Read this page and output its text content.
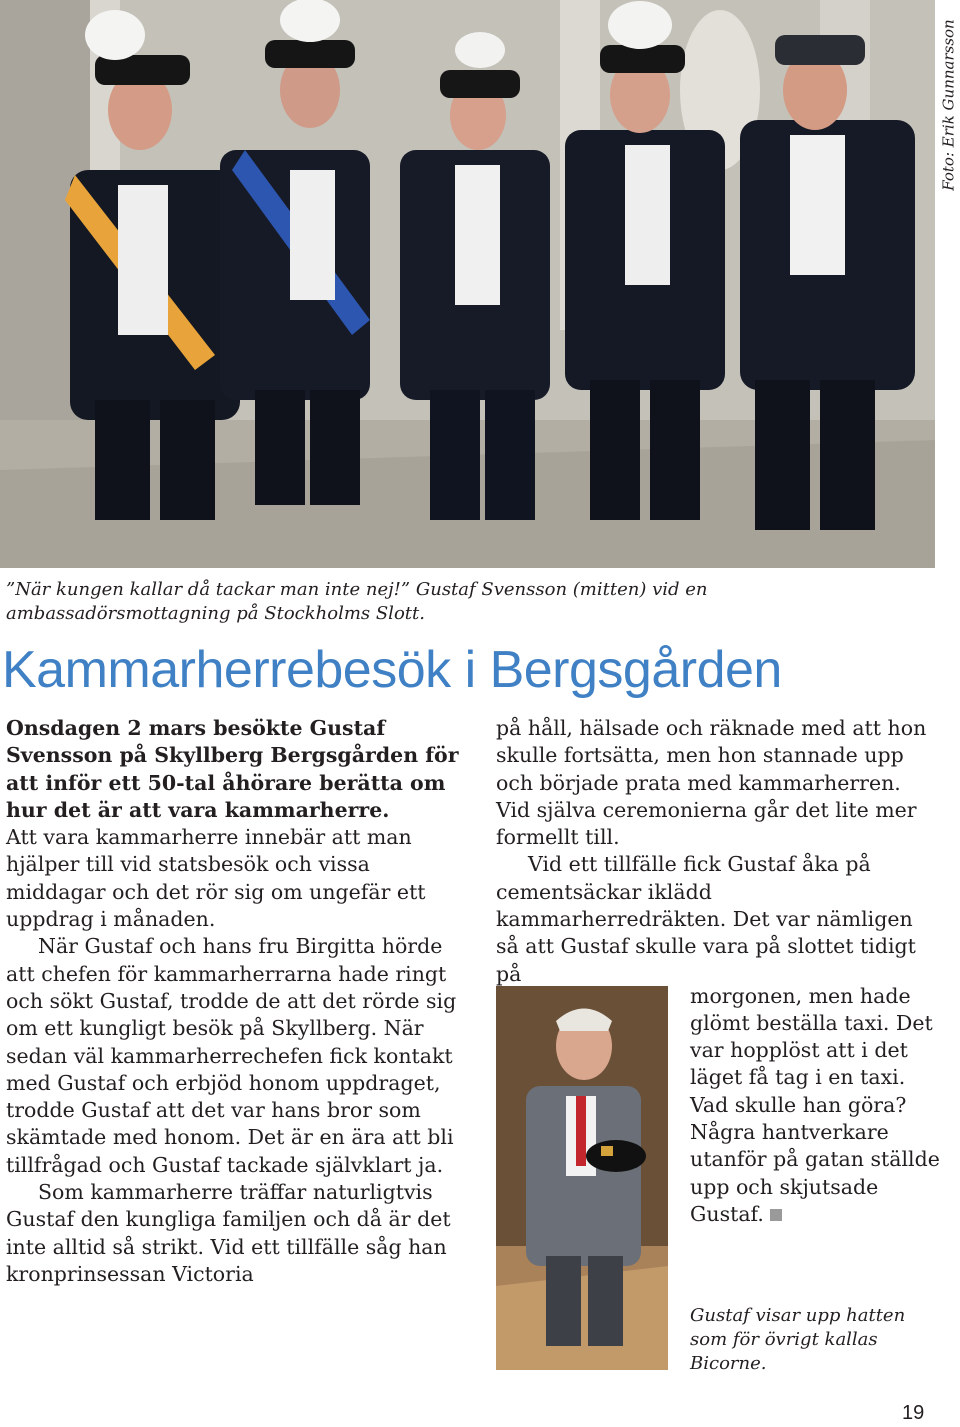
Foto: Erik Gunnarsson
”När kungen kallar då tackar man inte nej!” Gustaf Svensson (mitten) vid en ambassadörsmottagning på Stockholms Slott.
Kammarherrebesök i Bergsgården

Onsdagen 2 mars besökte Gustaf Svensson på Skyllberg Bergsgården för att inför ett 50-tal åhörare berätta om hur det är att vara kammarherre.

Att vara kammarherre innebär att man hjälper till vid statsbesök och vissa middagar och det rör sig om ungefär ett uppdrag i månaden.

När Gustaf och hans fru Birgitta hörde att chefen för kammarherrarna hade ringt och sökt Gustaf, trodde de att det rörde sig om ett kungligt besök på Skyllberg. När sedan väl kammarherrechefen fick kontakt med Gustaf och erbjöd honom uppdraget, trodde Gustaf att det var hans bror som skämtade med honom. Det är en ära att bli tillfrågad och Gustaf tackade självklart ja.

Som kammarherre träffar naturligtvis Gustaf den kungliga familjen och då är det inte alltid så strikt. Vid ett tillfälle såg han kronprinsessan Victoria

på håll, hälsade och räknade med att hon skulle fortsätta, men hon stannade upp och började prata med kammarherren. Vid själva ceremonierna går det lite mer formellt till.

Vid ett tillfälle fick Gustaf åka på cementsäckar iklädd kammarherredräkten. Det var nämligen så att Gustaf skulle vara på slottet tidigt på

morgonen, men hade glömt beställa taxi. Det var hopplöst att i det läget få tag i en taxi. Vad skulle han göra? Några hantverkare utanför på gatan ställde upp och skjutsade Gustaf.

Gustaf visar upp hatten som för övrigt kallas Bicorne.
19
